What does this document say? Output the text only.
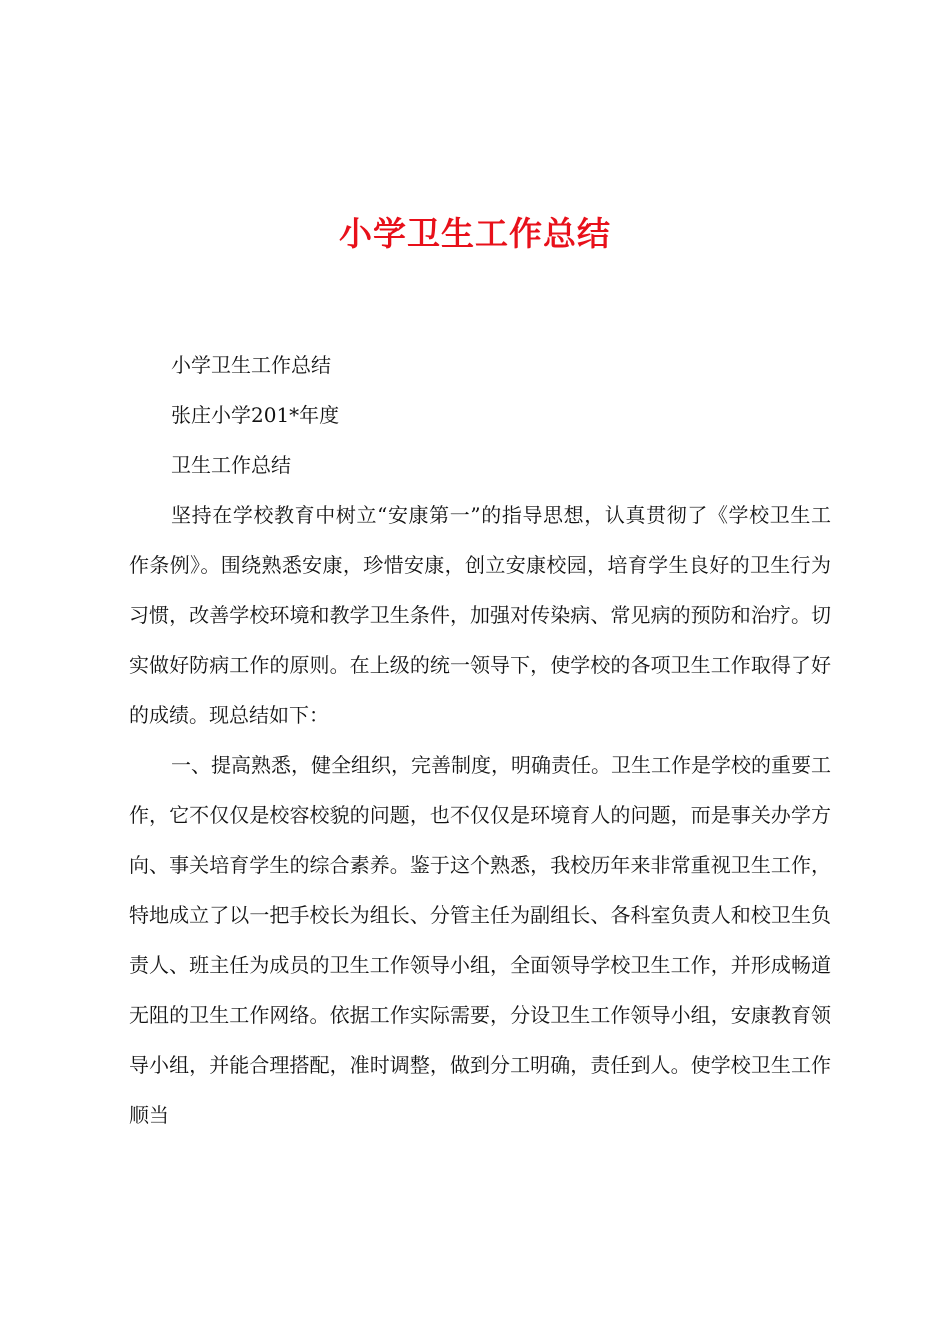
小学卫生工作总结
小学卫生工作总结
张庄小学201*年度
卫生工作总结
坚持在学校教育中树立“安康第一”的指导思想，认真贯彻了《学校卫生工作条例》。围绕熟悉安康，珍惜安康，创立安康校园，培育学生良好的卫生行为习惯，改善学校环境和教学卫生条件，加强对传染病、常见病的预防和治疗。切实做好防病工作的原则。在上级的统一领导下，使学校的各项卫生工作取得了好的成绩。现总结如下：
一、提高熟悉，健全组织，完善制度，明确责任。卫生工作是学校的重要工作，它不仅仅是校容校貌的问题，也不仅仅是环境育人的问题，而是事关办学方向、事关培育学生的综合素养。鉴于这个熟悉，我校历年来非常重视卫生工作，特地成立了以一把手校长为组长、分管主任为副组长、各科室负责人和校卫生负责人、班主任为成员的卫生工作领导小组，全面领导学校卫生工作，并形成畅道无阻的卫生工作网络。依据工作实际需要，分设卫生工作领导小组，安康教育领导小组，并能合理搭配，准时调整，做到分工明确，责任到人。使学校卫生工作顺当
